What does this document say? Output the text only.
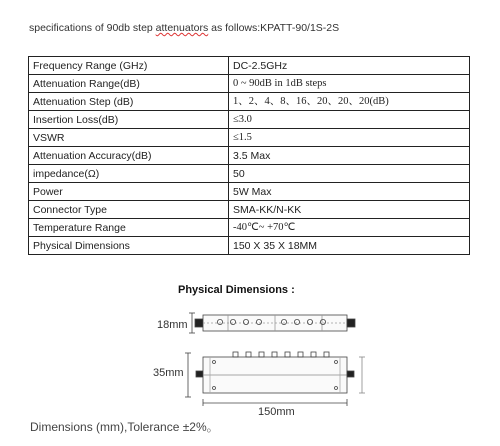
specifications of 90db step attenuators as follows:KPATT-90/1S-2S
Frequency Range (GHz)	DC-2.5GHz
Attenuation Range(dB)	0 ~ 90dB in 1dB steps
Attenuation Step (dB)	1、2、4、8、16、20、20、20(dB)
Insertion Loss(dB)	≤3.0
VSWR	≤1.5
Attenuation Accuracy(dB)	3.5 Max
impedance(Ω)	50
Power	5W Max
Connector Type	SMA-KK/N-KK
Temperature Range	-40℃~ +70℃
Physical Dimensions	150 X 35 X 18MM
Physical Dimensions :
18mm
35mm
150mm
Dimensions (mm),Tolerance ±2%。
